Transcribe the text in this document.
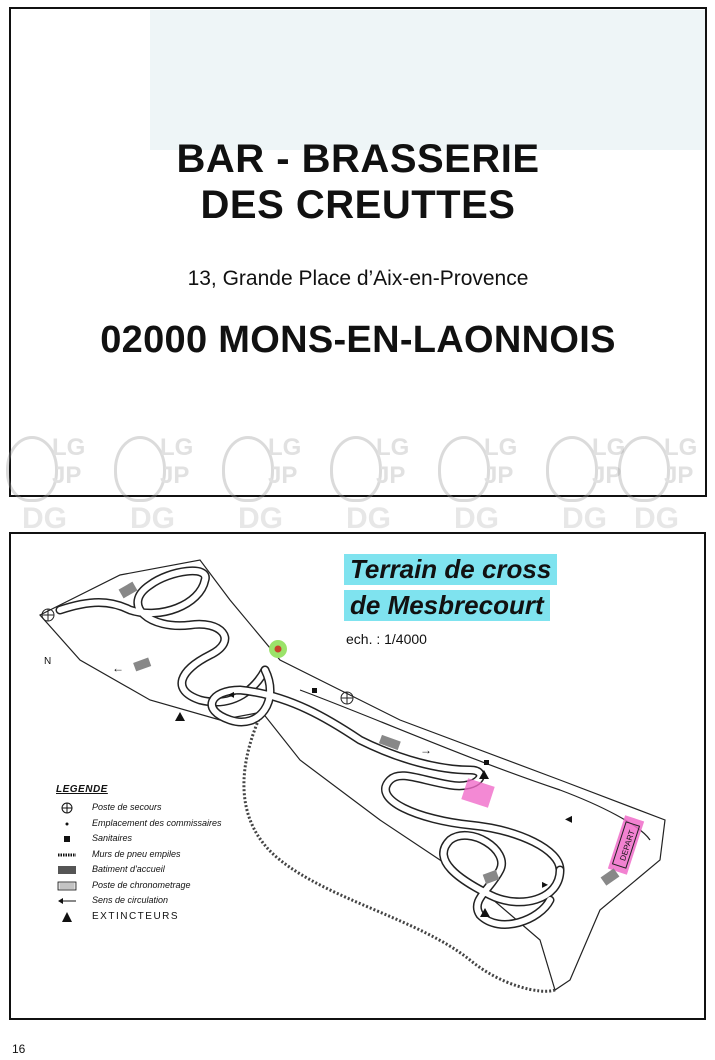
BAR - BRASSERIE
DES CREUTTES
13, Grande Place d’Aix-en-Provence
02000 MONS-EN-LAONNOIS
LG
JP
DG
LG
JP
DG
LG
JP
DG
LG
JP
DG
LG
JP
DG
LG
JP
DG
LG
JP
DG
DEPART
←
◂
→
◂
▸
N
Terrain de cross
de Mesbrecourt
ech. : 1/4000
LEGENDE
Poste de secours
Emplacement des commissaires
Sanitaires
Murs de pneu empiles
Batiment d'accueil
Poste de chronometrage
Sens de circulation
EXTINCTEURS
16
